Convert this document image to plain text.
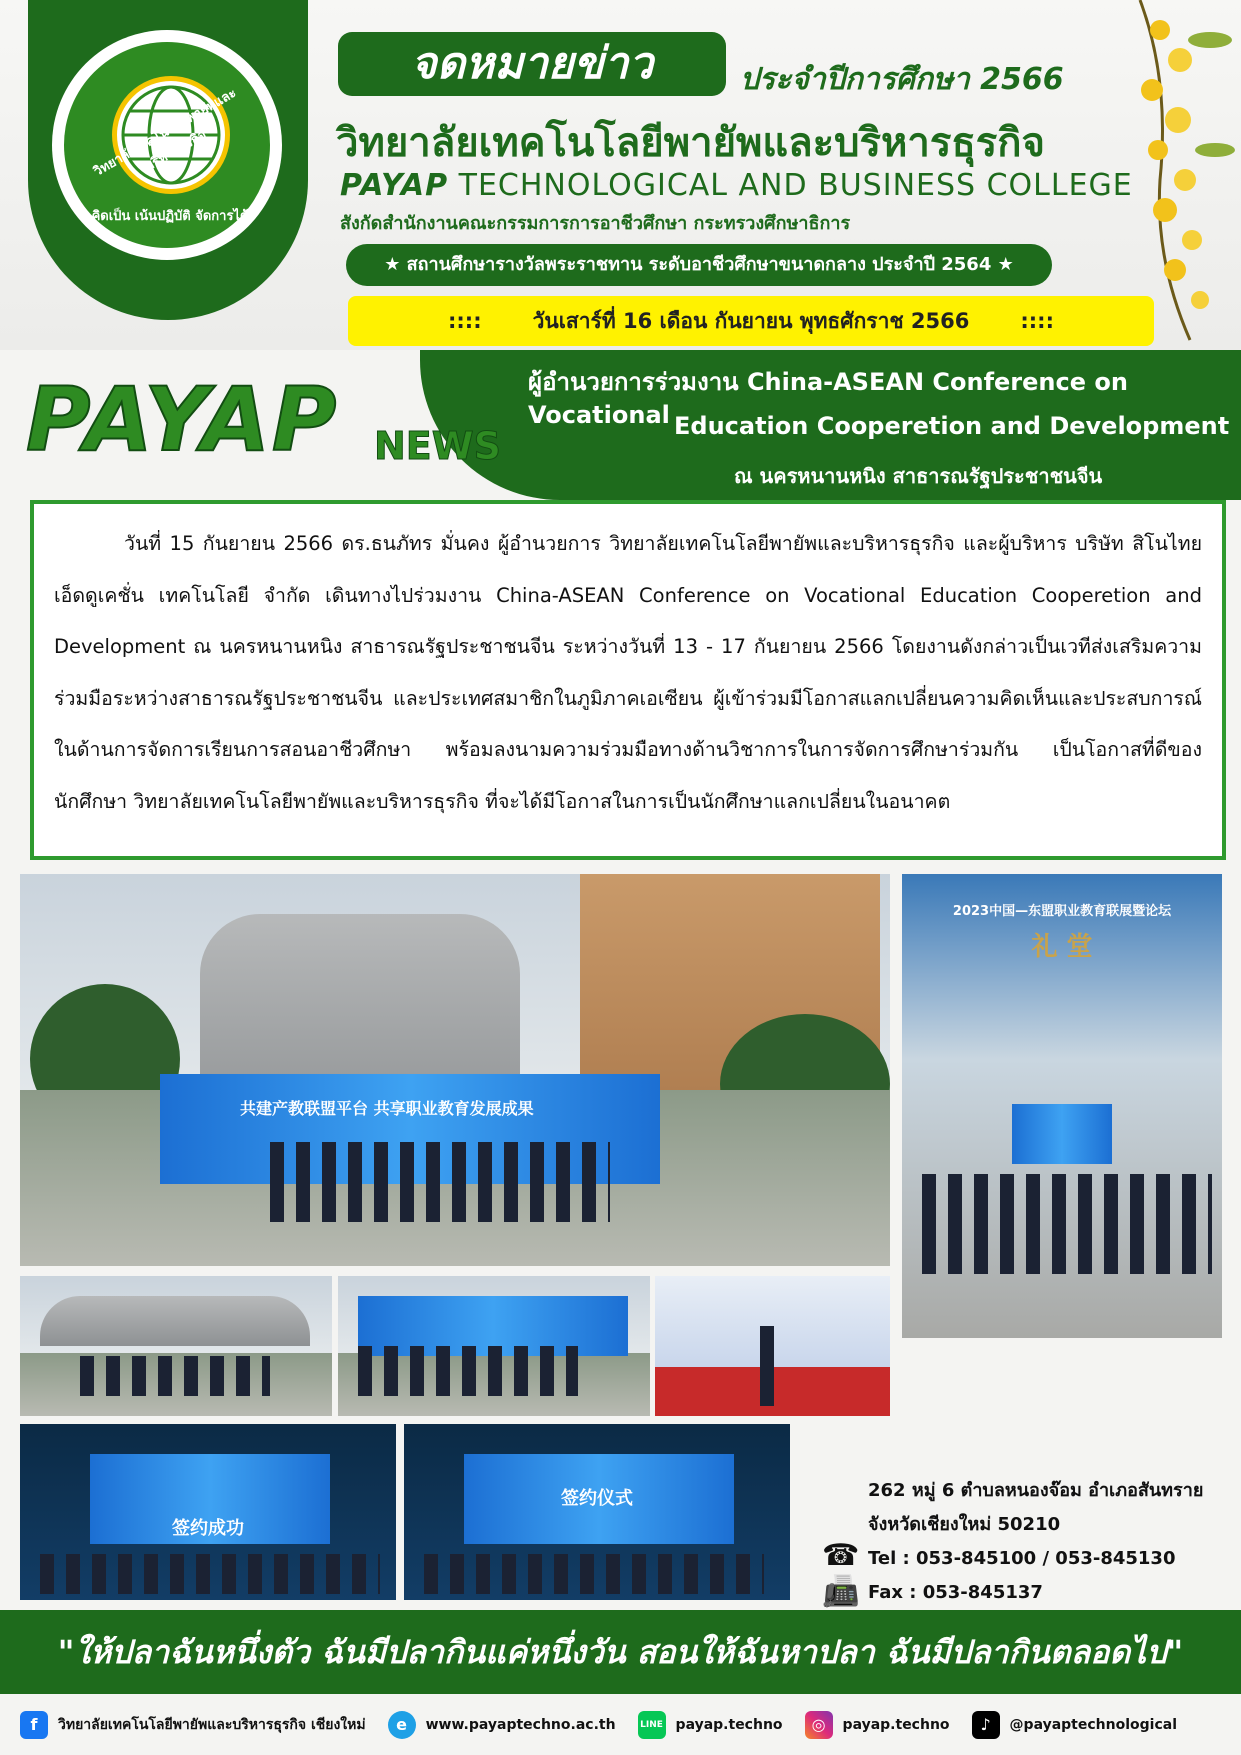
วิทยาลัยเทคโนโลยีพายัพและบริหารธุรกิจ
คิดเป็น เน้นปฏิบัติ จัดการได้
จดหมายข่าว	ประจำปีการศึกษา 2566
วิทยาลัยเทคโนโลยีพายัพและบริหารธุรกิจ
PAYAP TECHNOLOGICAL AND BUSINESS COLLEGE
สังกัดสำนักงานคณะกรรมการการอาชีวศึกษา กระทรวงศึกษาธิการ
★ สถานศึกษารางวัลพระราชทาน ระดับอาชีวศึกษาขนาดกลาง ประจำปี 2564 ★
:::: วันเสาร์ที่ 16 เดือน กันยายน พุทธศักราช 2566 ::::
PAYAP NEWS
ผู้อำนวยการร่วมงาน China-ASEAN Conference on Vocational Education Cooperetion and Development
ณ นครหนานหนิง สาธารณรัฐประชาชนจีน
วันที่ 15 กันยายน 2566 ดร.ธนภัทร มั่นคง ผู้อำนวยการ วิทยาลัยเทคโนโลยีพายัพและบริหารธุรกิจ และผู้บริหาร บริษัท สิโนไทย เอ็ดดูเคชั่น เทคโนโลยี จำกัด เดินทางไปร่วมงาน China-ASEAN Conference on Vocational Education Cooperetion and Development ณ นครหนานหนิง สาธารณรัฐประชาชนจีน ระหว่างวันที่ 13 - 17 กันยายน 2566 โดยงานดังกล่าวเป็นเวทีส่งเสริมความร่วมมือระหว่างสาธารณรัฐประชาชนจีน และประเทศสมาชิกในภูมิภาคเอเซียน ผู้เข้าร่วมมีโอกาสแลกเปลี่ยนความคิดเห็นและประสบการณ์ในด้านการจัดการเรียนการสอนอาชีวศึกษา พร้อมลงนามความร่วมมือทางด้านวิชาการในการจัดการศึกษาร่วมกัน เป็นโอกาสที่ดีของนักศึกษา วิทยาลัยเทคโนโลยีพายัพและบริหารธุรกิจ ที่จะได้มีโอกาสในการเป็นนักศึกษาแลกเปลี่ยนในอนาคต
共建产教联盟平台 共享职业教育发展成果
2023中国—东盟职业教育联展暨论坛
礼 堂
签约成功
签约仪式	262 หมู่ 6 ตำบลหนองจ๊อม อำเภอสันทราย
จังหวัดเชียงใหม่ 50210
Tel : 053-845100 / 053-845130
Fax : 053-845137
☎
📠
"ให้ปลาฉันหนึ่งตัว ฉันมีปลากินแค่หนึ่งวัน สอนให้ฉันหาปลา ฉันมีปลากินตลอดไป"
f	วิทยาลัยเทคโนโลยีพายัพและบริหารธุรกิจ เชียงใหม่	e	www.payaptechno.ac.th	LINE payap.techno	◎	payap.techno	♪	@payaptechnological
